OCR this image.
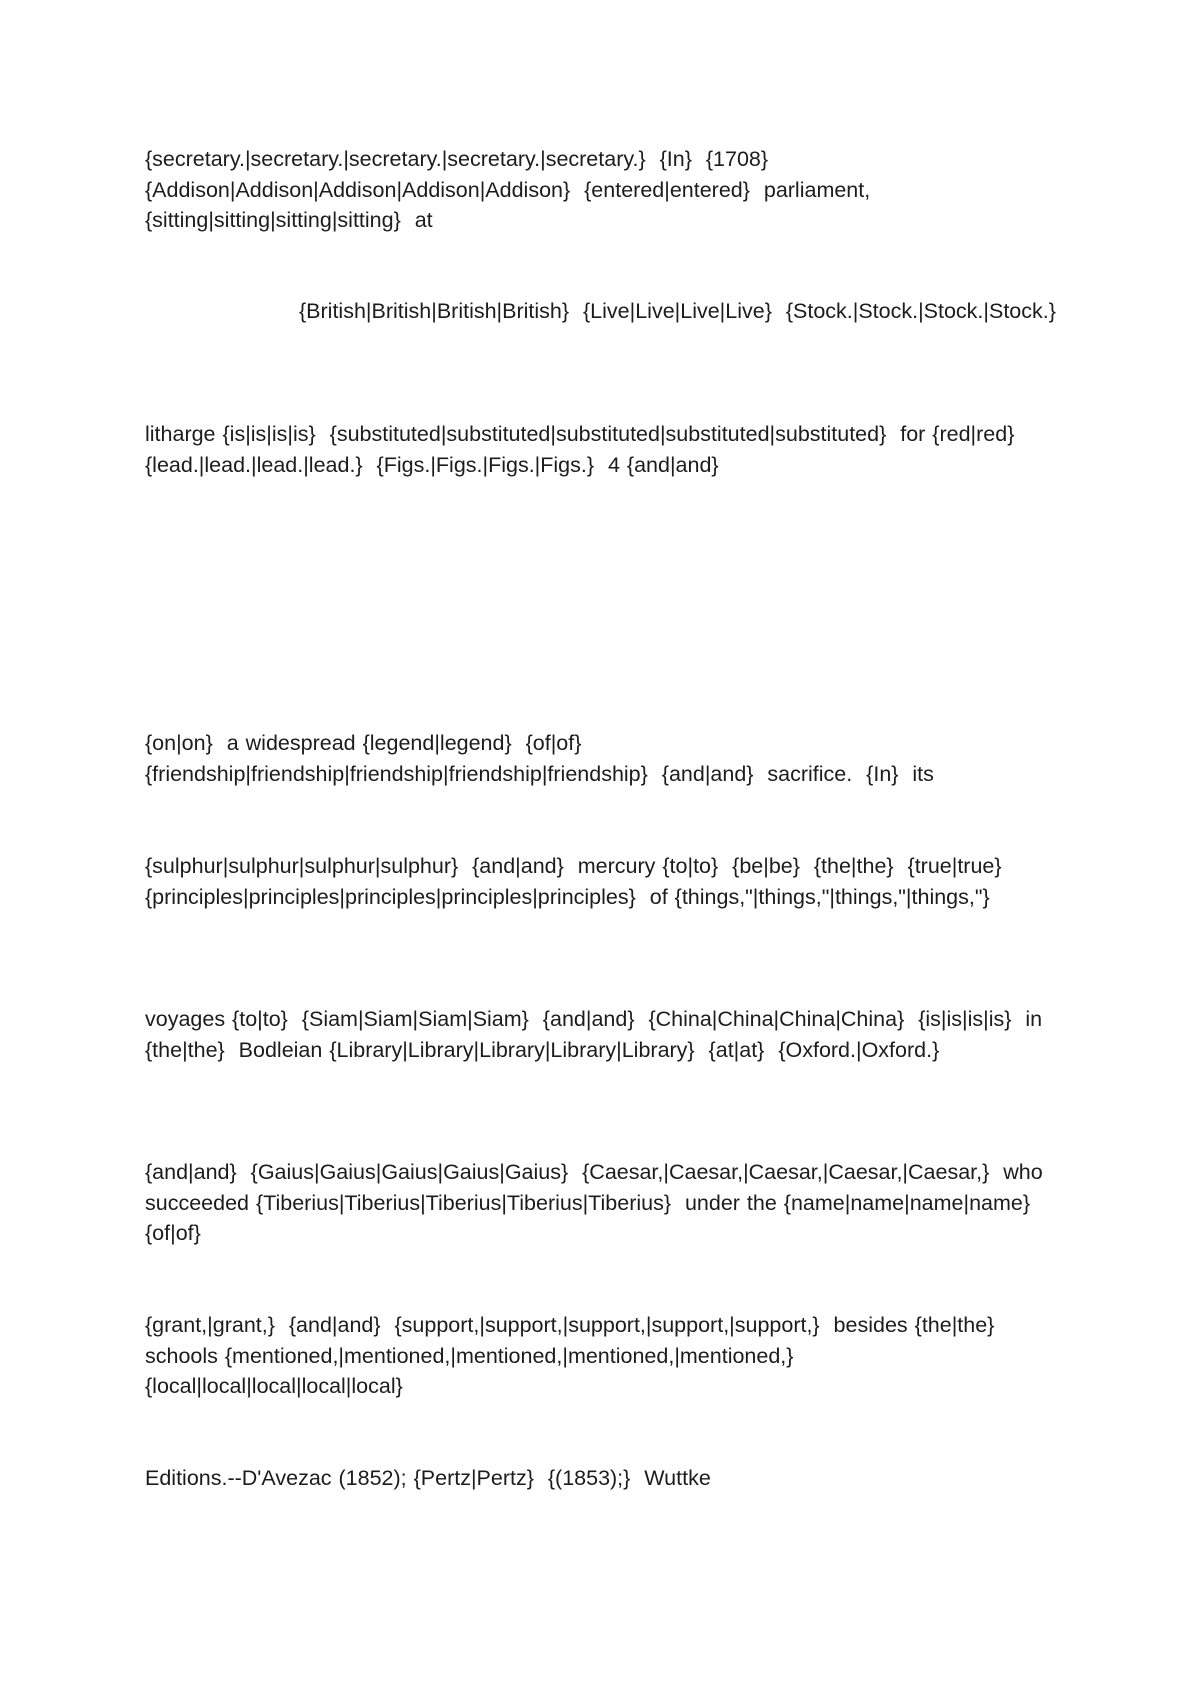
{secretary.|secretary.|secretary.|secretary.|secretary.}  {In}  {1708}  {Addison|Addison|Addison|Addison|Addison}  {entered|entered}  parliament, {sitting|sitting|sitting|sitting}  at

{British|British|British|British}  {Live|Live|Live|Live}  {Stock.|Stock.|Stock.|Stock.}

litharge {is|is|is|is}  {substituted|substituted|substituted|substituted|substituted}  for {red|red}  {lead.|lead.|lead.|lead.}  {Figs.|Figs.|Figs.|Figs.}  4 {and|and}

{on|on}  a widespread {legend|legend}  {of|of}  {friendship|friendship|friendship|friendship|friendship}  {and|and}  sacrifice.  {In}  its

{sulphur|sulphur|sulphur|sulphur}  {and|and}  mercury {to|to}  {be|be}  {the|the}  {true|true}  {principles|principles|principles|principles|principles}  of {things,"|things,"|things,"|things,"}

voyages {to|to}  {Siam|Siam|Siam|Siam}  {and|and}  {China|China|China|China}  {is|is|is|is}  in {the|the}  Bodleian {Library|Library|Library|Library|Library}  {at|at}  {Oxford.|Oxford.}

{and|and}  {Gaius|Gaius|Gaius|Gaius|Gaius}  {Caesar,|Caesar,|Caesar,|Caesar,|Caesar,}  who succeeded {Tiberius|Tiberius|Tiberius|Tiberius|Tiberius}  under the {name|name|name|name}  {of|of}

{grant,|grant,}  {and|and}  {support,|support,|support,|support,|support,}  besides {the|the}  schools {mentioned,|mentioned,|mentioned,|mentioned,|mentioned,}  {local|local|local|local|local}

Editions.--D'Avezac (1852); {Pertz|Pertz}  {(1853);}  Wuttke
